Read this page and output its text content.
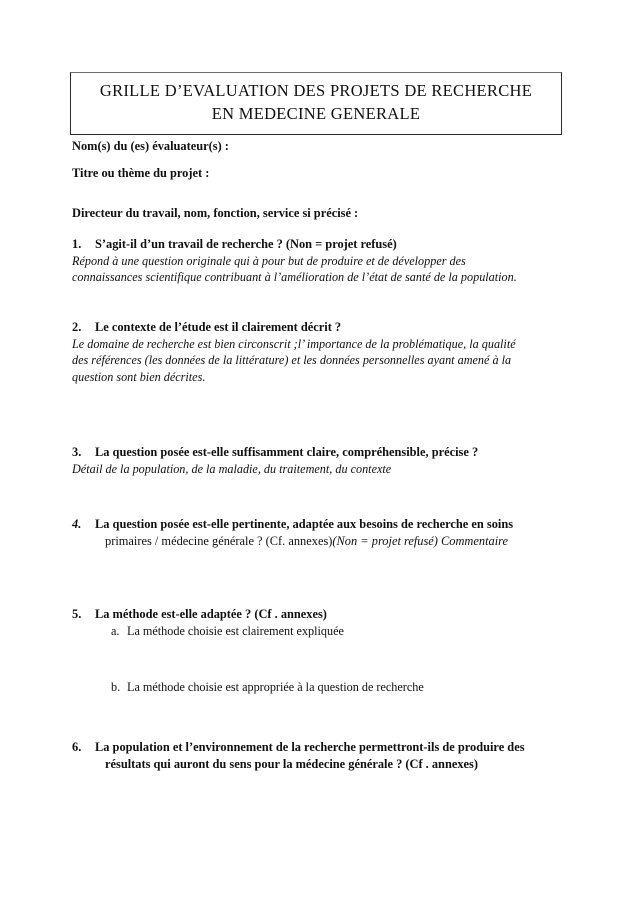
GRILLE D’EVALUATION DES PROJETS DE RECHERCHE
EN MEDECINE GENERALE
Nom(s) du (es) évaluateur(s) :
Titre ou thème du projet :
Directeur du travail, nom, fonction, service si précisé :

1. S’agit-il d’un travail de recherche ? (Non = projet refusé)

Répond à une question originale qui à pour but de produire et de développer des

connaissances scientifique contribuant à l’amélioration de l’état de santé de la population.

2. Le contexte de l’étude est il clairement décrit ?

Le domaine de recherche est bien circonscrit ;l’ importance de la problématique, la qualité

des références (les données de la littérature) et les données personnelles ayant amené à la

question sont bien décrites.

3. La question posée est-elle suffisamment claire, compréhensible, précise ?

Détail de la population, de la maladie, du traitement, du contexte

4. La question posée est-elle pertinente, adaptée aux besoins de recherche en soins

primaires / médecine générale ? (Cf. annexes)(Non = projet refusé) Commentaire

5. La méthode est-elle adaptée ? (Cf . annexes)

a. La méthode choisie est clairement expliquée

b. La méthode choisie est appropriée à la question de recherche

6. La population et l’environnement de la recherche permettront-ils de produire des

résultats qui auront du sens pour la médecine générale ? (Cf . annexes)
